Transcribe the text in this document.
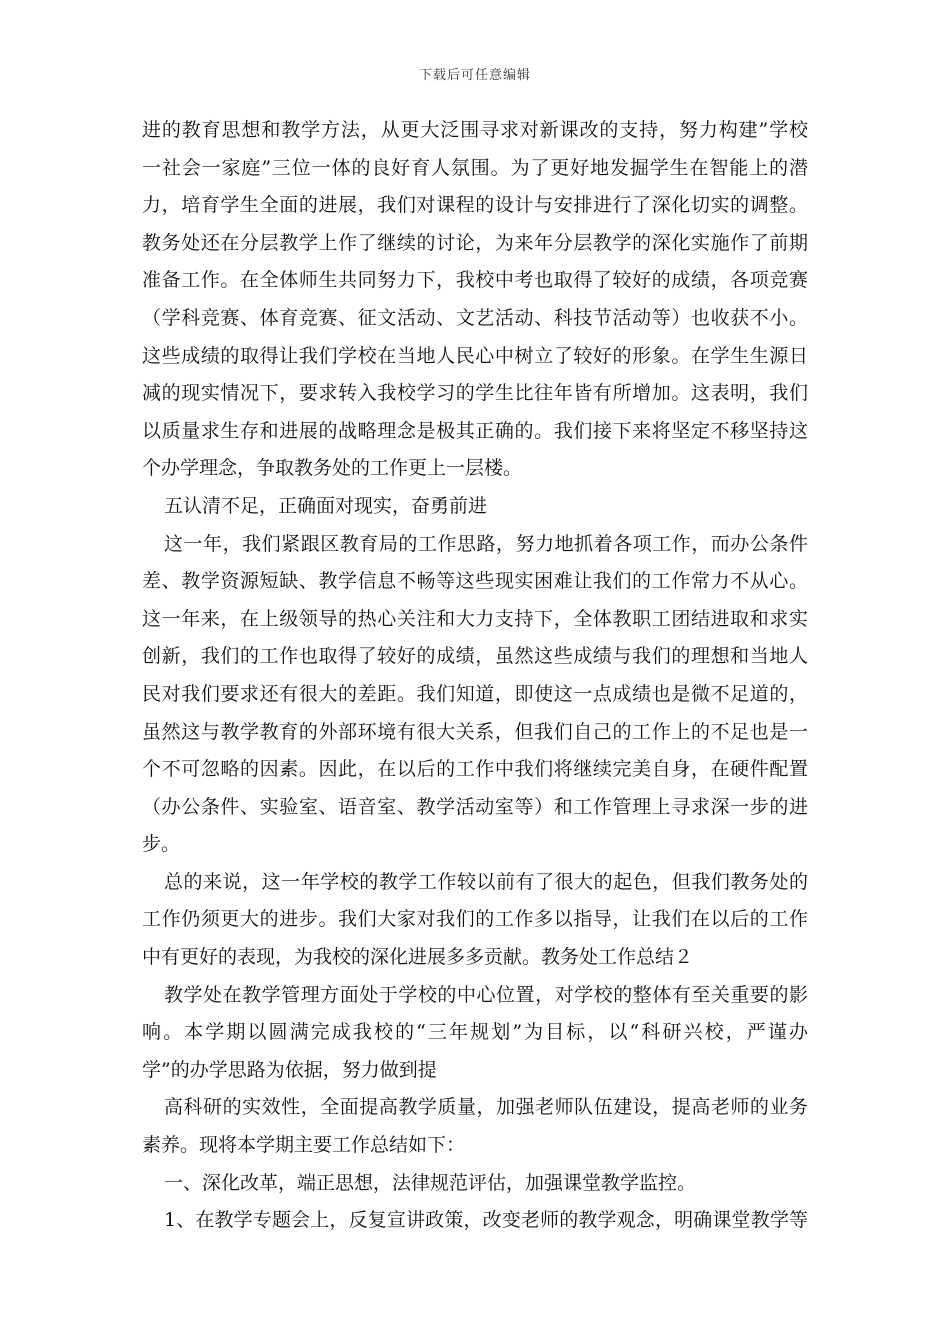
下载后可任意编辑
进的教育思想和教学方法，从更大泛围寻求对新课改的支持，努力构建”学校
一社会一家庭”三位一体的良好育人氛围。为了更好地发掘学生在智能上的潜
力，培育学生全面的进展，我们对课程的设计与安排进行了深化切实的调整。
教务处还在分层教学上作了继续的讨论，为来年分层教学的深化实施作了前期
准备工作。在全体师生共同努力下，我校中考也取得了较好的成绩，各项竞赛
（学科竞赛、体育竞赛、征文活动、文艺活动、科技节活动等）也收获不小。
这些成绩的取得让我们学校在当地人民心中树立了较好的形象。在学生生源日
减的现实情况下，要求转入我校学习的学生比往年皆有所增加。这表明，我们
以质量求生存和进展的战略理念是极其正确的。我们接下来将坚定不移坚持这
个办学理念，争取教务处的工作更上一层楼。
五认清不足，正确面对现实，奋勇前进
这一年，我们紧跟区教育局的工作思路，努力地抓着各项工作，而办公条件
差、教学资源短缺、教学信息不畅等这些现实困难让我们的工作常力不从心。
这一年来，在上级领导的热心关注和大力支持下，全体教职工团结进取和求实
创新，我们的工作也取得了较好的成绩，虽然这些成绩与我们的理想和当地人
民对我们要求还有很大的差距。我们知道，即使这一点成绩也是微不足道的，
虽然这与教学教育的外部环境有很大关系，但我们自己的工作上的不足也是一
个不可忽略的因素。因此，在以后的工作中我们将继续完美自身，在硬件配置
（办公条件、实验室、语音室、教学活动室等）和工作管理上寻求深一步的进
步。
总的来说，这一年学校的教学工作较以前有了很大的起色，但我们教务处的
工作仍须更大的进步。我们大家对我们的工作多以指导，让我们在以后的工作
中有更好的表现，为我校的深化进展多多贡献。教务处工作总结２
教学处在教学管理方面处于学校的中心位置，对学校的整体有至关重要的影
响。本学期以圆满完成我校的“三年规划”为目标，以“科研兴校，严谨办
学”的办学思路为依据，努力做到提
高科研的实效性，全面提高教学质量，加强老师队伍建设，提高老师的业务
素养。现将本学期主要工作总结如下：
一、深化改革，端正思想，法律规范评估，加强课堂教学监控。
1、在教学专题会上，反复宣讲政策，改变老师的教学观念，明确课堂教学等
